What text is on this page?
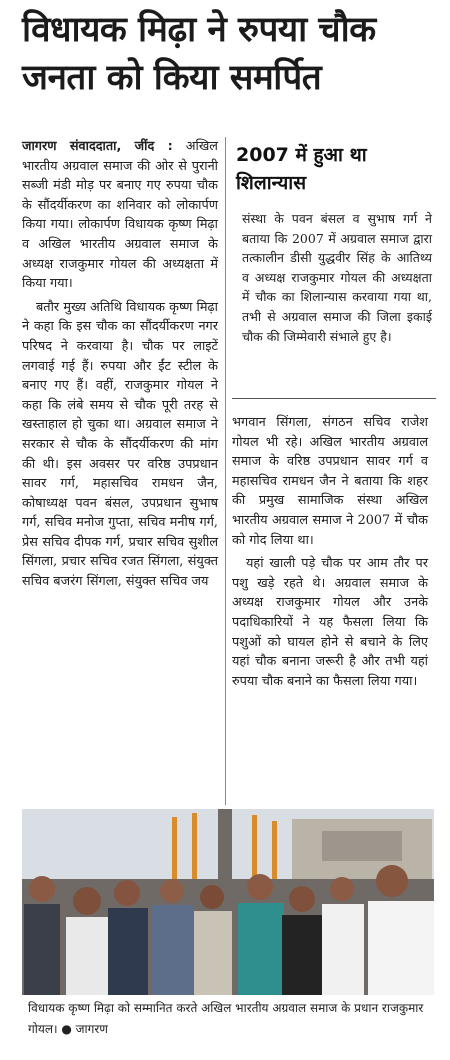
विधायक मिढ़ा ने रुपया चौक
जनता को किया समर्पित

जागरण संवाददाता, जींद : अखिल भारतीय अग्रवाल समाज की ओर से पुरानी सब्जी मंडी मोड़ पर बनाए गए रुपया चौक के सौंदर्यीकरण का शनिवार को लोकार्पण किया गया। लोकार्पण विधायक कृष्ण मिढ़ा व अखिल भारतीय अग्रवाल समाज के अध्यक्ष राजकुमार गोयल की अध्यक्षता में किया गया।

बतौर मुख्य अतिथि विधायक कृष्ण मिढ़ा ने कहा कि इस चौक का सौंदर्यीकरण नगर परिषद ने करवाया है। चौक पर लाइटें लगवाई गई हैं। रुपया और ईंट स्टील के बनाए गए हैं। वहीं, राजकुमार गोयल ने कहा कि लंबे समय से चौक पूरी तरह से खस्ताहाल हो चुका था। अग्रवाल समाज ने सरकार से चौक के सौंदर्यीकरण की मांग की थी। इस अवसर पर वरिष्ठ उपप्रधान सावर गर्ग, महासचिव रामधन जैन, कोषाध्यक्ष पवन बंसल, उपप्रधान सुभाष गर्ग, सचिव मनोज गुप्ता, सचिव मनीष गर्ग, प्रेस सचिव दीपक गर्ग, प्रचार सचिव सुशील सिंगला, प्रचार सचिव रजत सिंगला, संयुक्त सचिव बजरंग सिंगला, संयुक्त सचिव जय

2007 में हुआ था
शिलान्यास
संस्था के पवन बंसल व सुभाष गर्ग ने बताया कि 2007 में अग्रवाल समाज द्वारा तत्कालीन डीसी युद्धवीर सिंह के आतिथ्य व अध्यक्ष राजकुमार गोयल की अध्यक्षता में चौक का शिलान्यास करवाया गया था, तभी से अग्रवाल समाज की जिला इकाई चौक की जिम्मेवारी संभाले हुए है।

भगवान सिंगला, संगठन सचिव राजेश गोयल भी रहे। अखिल भारतीय अग्रवाल समाज के वरिष्ठ उपप्रधान सावर गर्ग व महासचिव रामधन जैन ने बताया कि शहर की प्रमुख सामाजिक संस्था अखिल भारतीय अग्रवाल समाज ने 2007 में चौक को गोद लिया था।

यहां खाली पड़े चौक पर आम तौर पर पशु खड़े रहते थे। अग्रवाल समाज के अध्यक्ष राजकुमार गोयल और उनके पदाधिकारियों ने यह फैसला लिया कि पशुओं को घायल होने से बचाने के लिए यहां चौक बनाना जरूरी है और तभी यहां रुपया चौक बनाने का फैसला लिया गया।

विधायक कृष्ण मिढ़ा को सम्मानित करते अखिल भारतीय अग्रवाल समाज के प्रधान राजकुमार गोयल। ● जागरण
